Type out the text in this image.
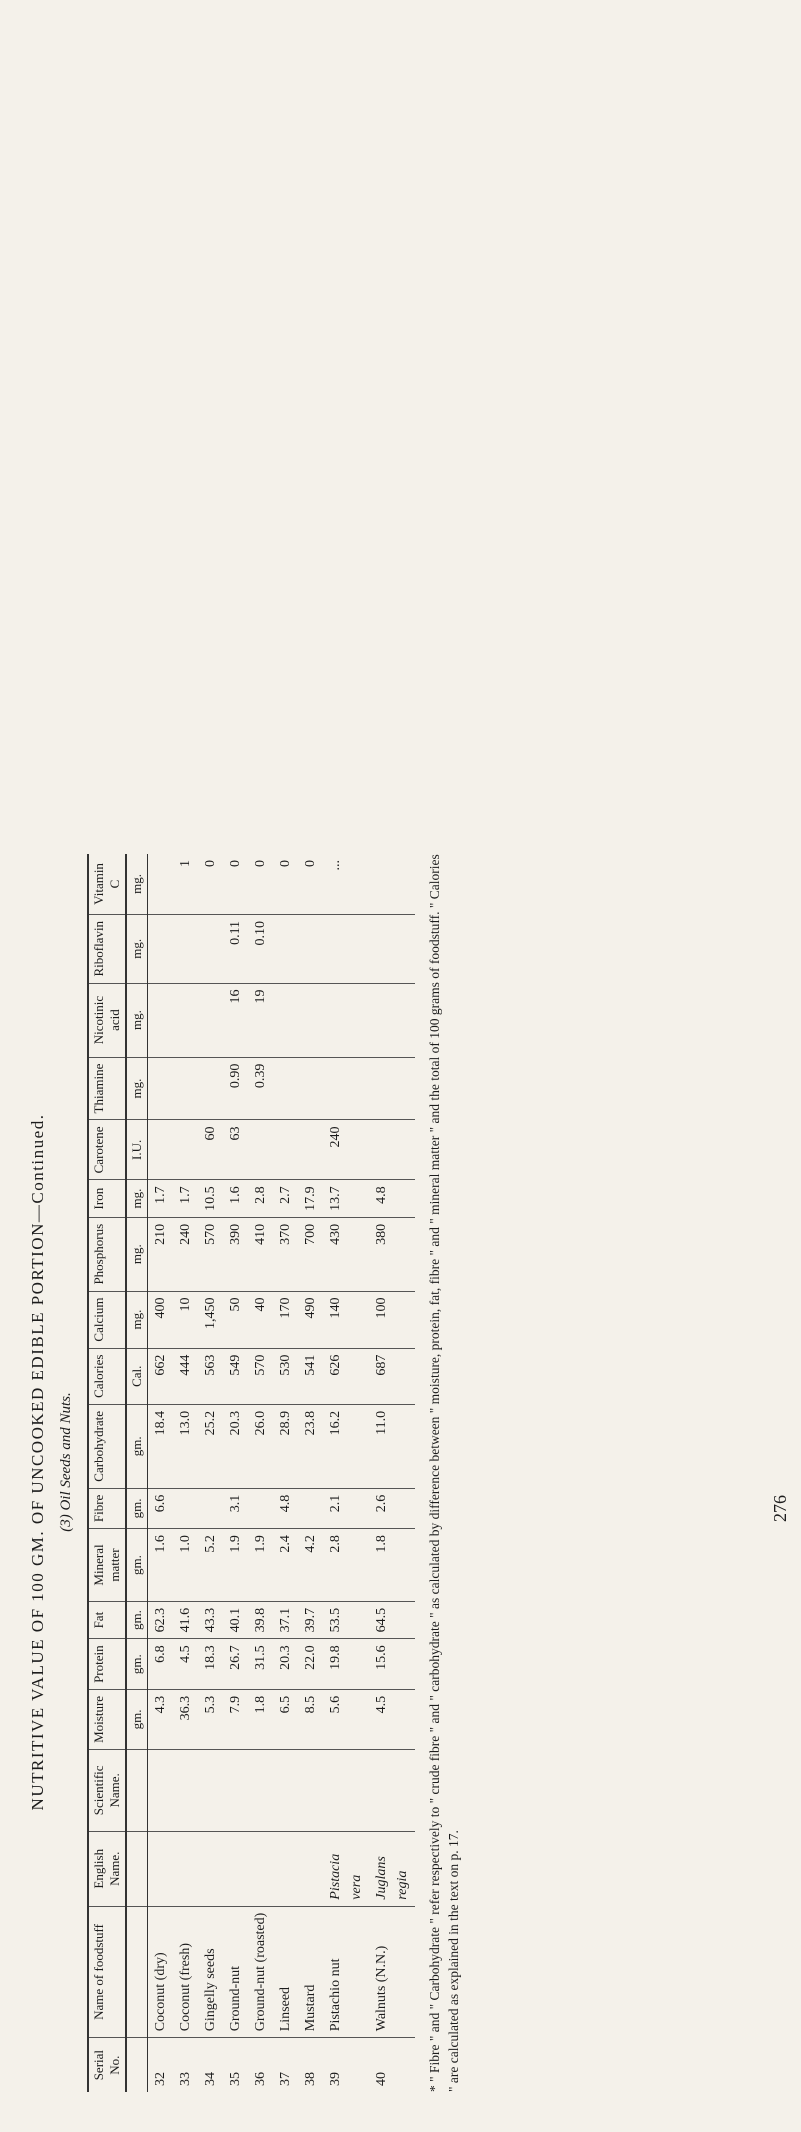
NUTRITIVE VALUE OF 100 GM. OF UNCOOKED EDIBLE PORTION—Continued. (3) Oil Seeds and Nuts.
Serial No.	Name of foodstuff	English Name.	Scientific Name.	Moisture	Protein	Fat	Mineral matter	Fibre	Carbohydrate	Calories	Calcium	Phosphorus	Iron	Carotene	Thiamine	Nicotinic acid	Riboflavin	Vitamin C
				gm.	gm.	gm.	gm.	gm.	gm.	Cal.	mg.	mg.	mg.	I.U.	mg.	mg.	mg.	mg.
32	Coconut (dry)			4.3	6.8	62.3	1.6	6.6	18.4	662	400	210	1.7					
33	Coconut (fresh)			36.3	4.5	41.6	1.0		13.0	444	10	240	1.7					1
34	Gingelly seeds			5.3	18.3	43.3	5.2		25.2	563	1,450	570	10.5	60				0
35	Ground-nut			7.9	26.7	40.1	1.9	3.1	20.3	549	50	390	1.6	63	0.90	16	0.11	0
36	Ground-nut (roasted)			1.8	31.5	39.8	1.9		26.0	570	40	410	2.8		0.39	19	0.10	0
37	Linseed			6.5	20.3	37.1	2.4	4.8	28.9	530	170	370	2.7					0
38	Mustard			8.5	22.0	39.7	4.2		23.8	541	490	700	17.9					0
39	Pistachio nut	Pistacia vera		5.6	19.8	53.5	2.8	2.1	16.2	626	140	430	13.7	240				...
40	Walnuts (N.N.)	Juglans regia		4.5	15.6	64.5	1.8	2.6	11.0	687	100	380	4.8						* " Fibre " and " Carbohydrate " refer respectively to " crude fibre " and " carbohydrate " as calculated by difference between " moisture, protein, fat, fibre " and " mineral matter " and the total of 100 grams of foodstuff. " Calories " are calculated as explained in the text on p. 17.
276
